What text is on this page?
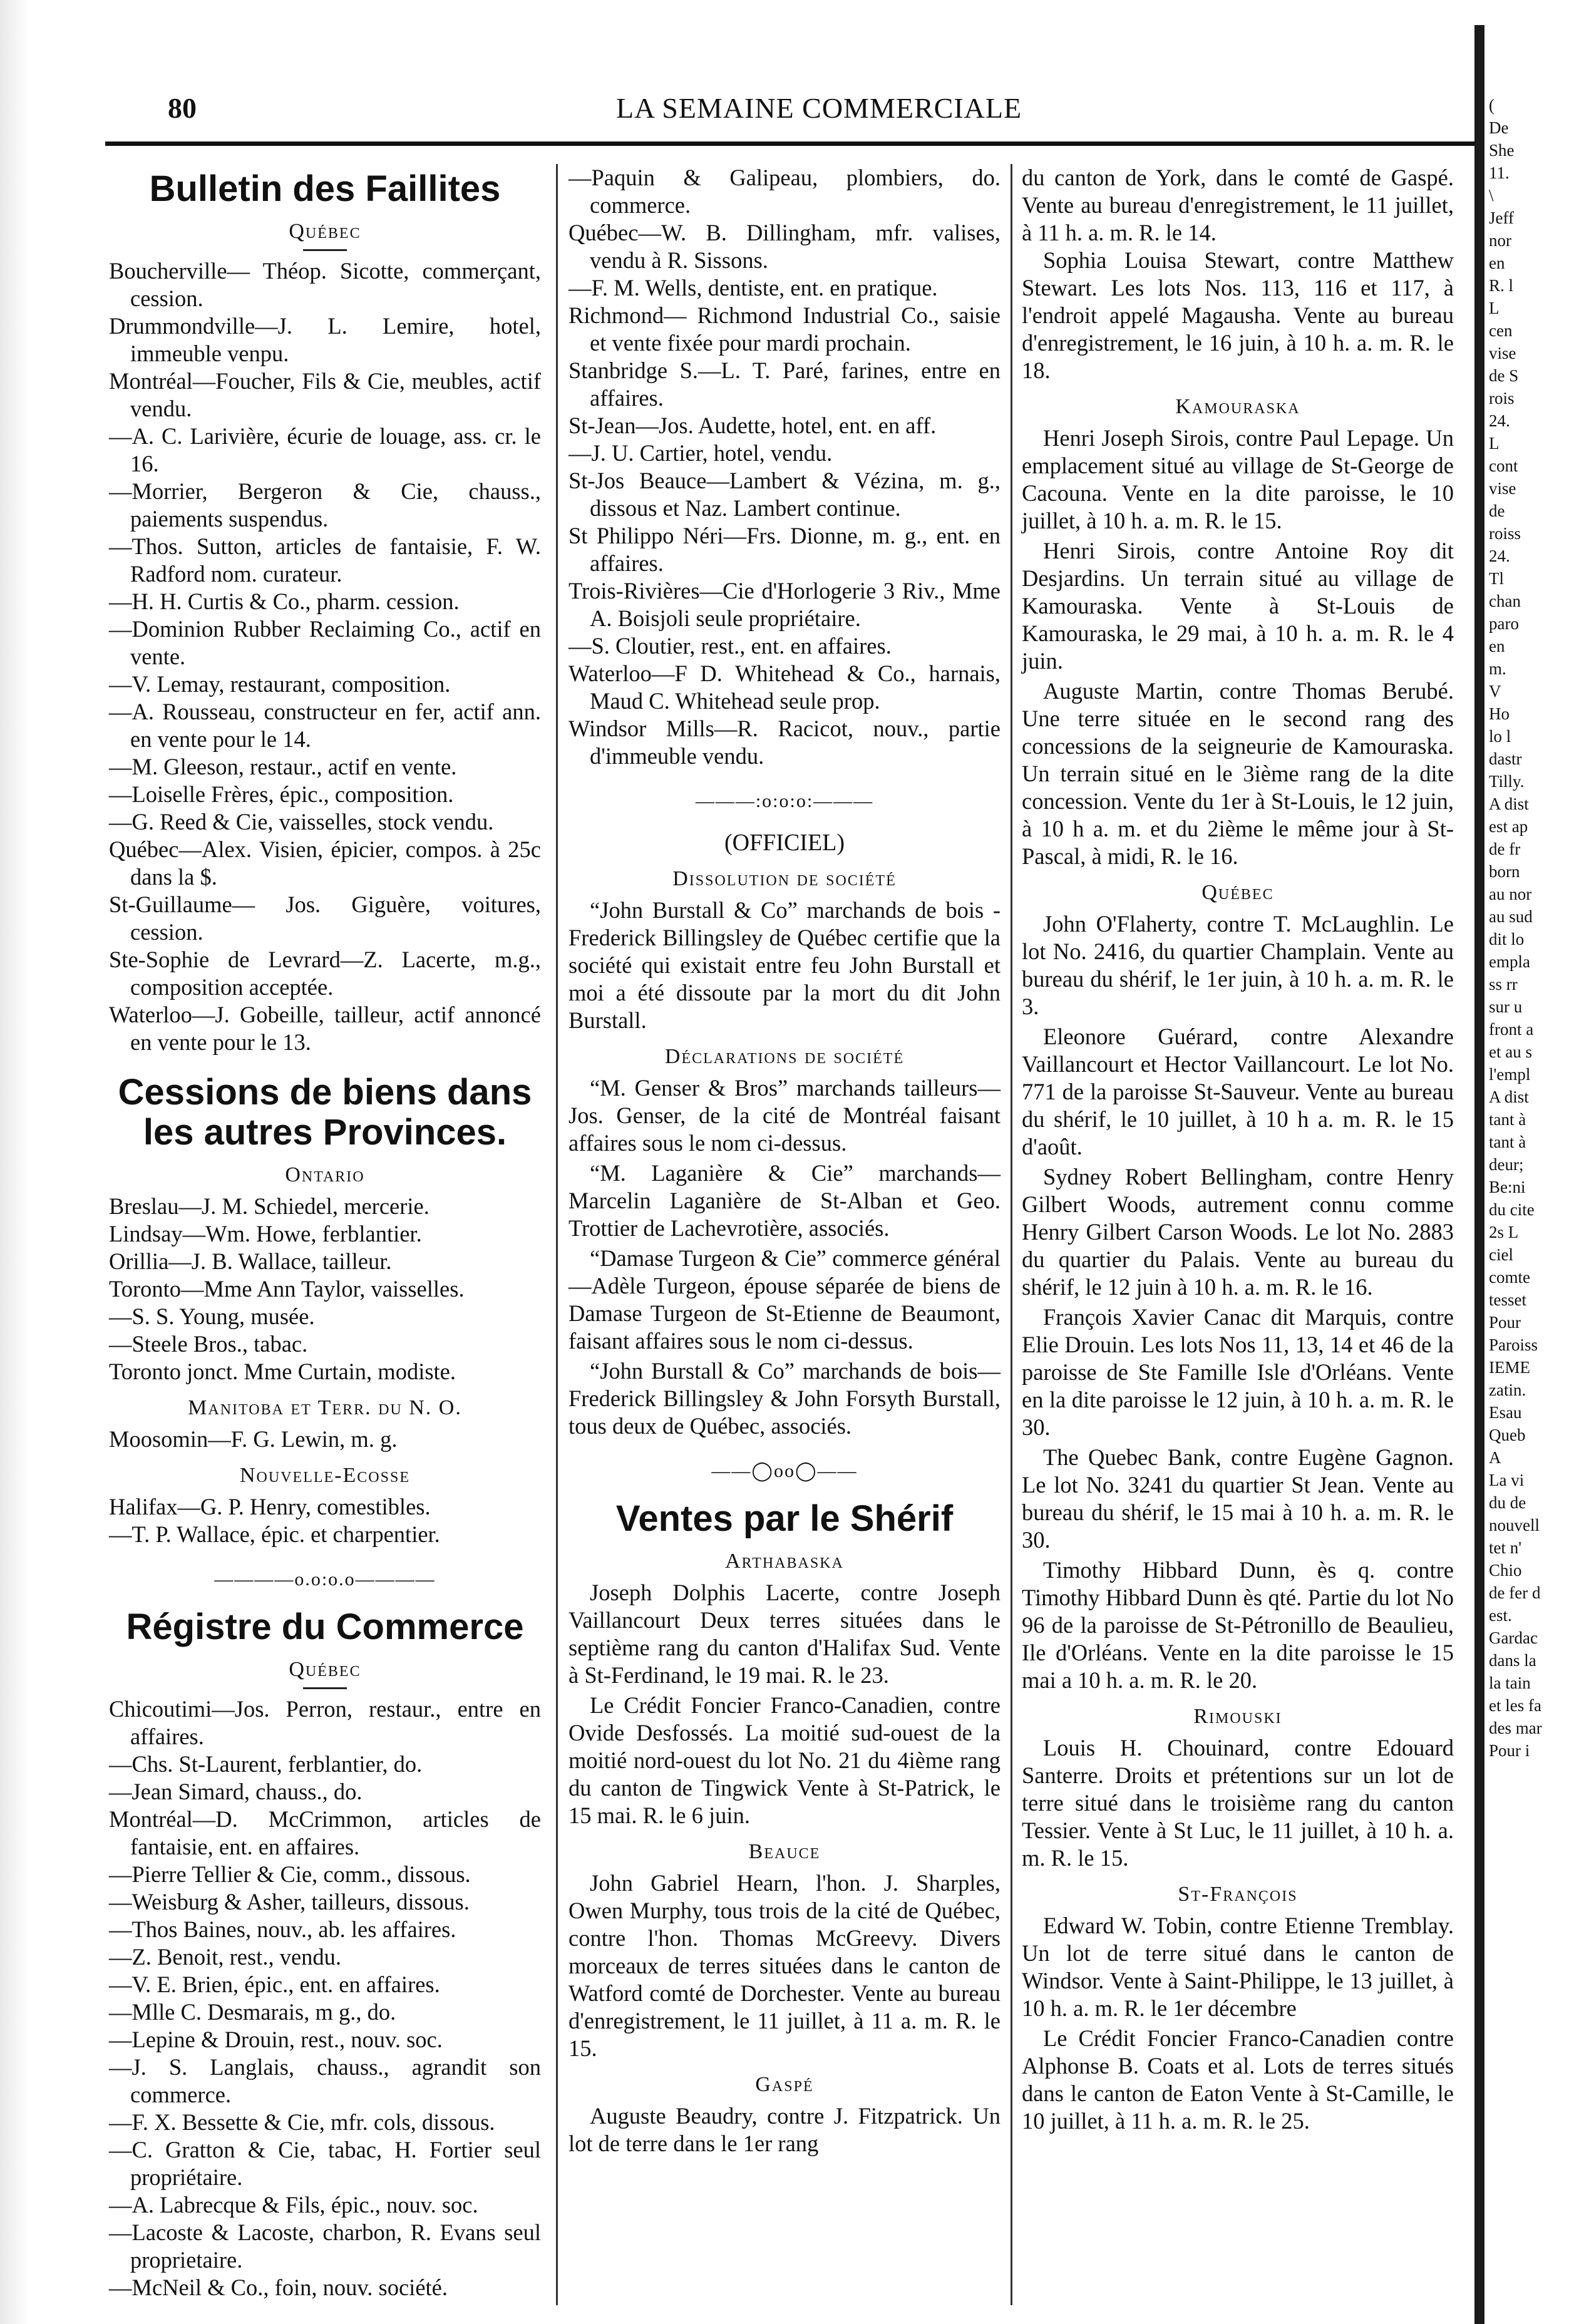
80	LA SEMAINE COMMERCIALE
Bulletin des Faillites
Québec
Boucherville— Théop. Sicotte, commerçant, cession.
Drummondville—J. L. Lemire, hotel, immeuble venpu.
Montréal—Foucher, Fils & Cie, meubles, actif vendu.
—A. C. Larivière, écurie de louage, ass. cr. le 16.
—Morrier, Bergeron & Cie, chauss., paiements suspendus.
—Thos. Sutton, articles de fantaisie, F. W. Radford nom. curateur.
—H. H. Curtis & Co., pharm. cession.
—Dominion Rubber Reclaiming Co., actif en vente.
—V. Lemay, restaurant, composition.
—A. Rousseau, constructeur en fer, actif ann. en vente pour le 14.
—M. Gleeson, restaur., actif en vente.
—Loiselle Frères, épic., composition.
—G. Reed & Cie, vaisselles, stock vendu.
Québec—Alex. Visien, épicier, compos. à 25c dans la $.
St-Guillaume— Jos. Giguère, voitures, cession.
Ste-Sophie de Levrard—Z. Lacerte, m.g., composition acceptée.
Waterloo—J. Gobeille, tailleur, actif annoncé en vente pour le 13.
Cessions de biens dans les autres Provinces.
Ontario
Breslau—J. M. Schiedel, mercerie.
Lindsay—Wm. Howe, ferblantier.
Orillia—J. B. Wallace, tailleur.
Toronto—Mme Ann Taylor, vaisselles.
—S. S. Young, musée.
—Steele Bros., tabac.
Toronto jonct. Mme Curtain, modiste.
Manitoba et Terr. du N. O.
Moosomin—F. G. Lewin, m. g.
Nouvelle-Ecosse
Halifax—G. P. Henry, comestibles.
—T. P. Wallace, épic. et charpentier.
————o.o:o.o————
Régistre du Commerce
Québec
Chicoutimi—Jos. Perron, restaur., entre en affaires.
—Chs. St-Laurent, ferblantier, do.
—Jean Simard, chauss., do.
Montréal—D. McCrimmon, articles de fantaisie, ent. en affaires.
—Pierre Tellier & Cie, comm., dissous.
—Weisburg & Asher, tailleurs, dissous.
—Thos Baines, nouv., ab. les affaires.
—Z. Benoit, rest., vendu.
—V. E. Brien, épic., ent. en affaires.
—Mlle C. Desmarais, m g., do.
—Lepine & Drouin, rest., nouv. soc.
—J. S. Langlais, chauss., agrandit son commerce.
—F. X. Bessette & Cie, mfr. cols, dissous.
—C. Gratton & Cie, tabac, H. Fortier seul propriétaire.
—A. Labrecque & Fils, épic., nouv. soc.
—Lacoste & Lacoste, charbon, R. Evans seul proprietaire.
—McNeil & Co., foin, nouv. société.
—Paquin & Galipeau, plombiers, do. commerce.
Québec—W. B. Dillingham, mfr. valises, vendu à R. Sissons.
—F. M. Wells, dentiste, ent. en pratique.
Richmond— Richmond Industrial Co., saisie et vente fixée pour mardi prochain.
Stanbridge S.—L. T. Paré, farines, entre en affaires.
St-Jean—Jos. Audette, hotel, ent. en aff.
—J. U. Cartier, hotel, vendu.
St-Jos Beauce—Lambert & Vézina, m. g., dissous et Naz. Lambert continue.
St Philippo Néri—Frs. Dionne, m. g., ent. en affaires.
Trois-Rivières—Cie d'Horlogerie 3 Riv., Mme A. Boisjoli seule propriétaire.
—S. Cloutier, rest., ent. en affaires.
Waterloo—F D. Whitehead & Co., harnais, Maud C. Whitehead seule prop.
Windsor Mills—R. Racicot, nouv., partie d'immeuble vendu.
———:o:o:o:———
(OFFICIEL)
Dissolution de société

“John Burstall & Co” marchands de bois - Frederick Billingsley de Québec certifie que la société qui existait entre feu John Burstall et moi a été dissoute par la mort du dit John Burstall.

Déclarations de société
“M. Genser & Bros” marchands tailleurs—Jos. Genser, de la cité de Montréal faisant affaires sous le nom ci-dessus.
“M. Laganière & Cie” marchands—Marcelin Laganière de St-Alban et Geo. Trottier de Lachevrotière, associés.
“Damase Turgeon & Cie” commerce général—Adèle Turgeon, épouse séparée de biens de Damase Turgeon de St-Etienne de Beaumont, faisant affaires sous le nom ci-dessus.
“John Burstall & Co” marchands de bois—Frederick Billingsley & John Forsyth Burstall, tous deux de Québec, associés.
——◯oo◯——
Ventes par le Shérif
Arthabaska
Joseph Dolphis Lacerte, contre Joseph Vaillancourt Deux terres situées dans le septième rang du canton d'Halifax Sud. Vente à St-Ferdinand, le 19 mai. R. le 23.
Le Crédit Foncier Franco-Canadien, contre Ovide Desfossés. La moitié sud-ouest de la moitié nord-ouest du lot No. 21 du 4ième rang du canton de Tingwick Vente à St-Patrick, le 15 mai. R. le 6 juin.
Beauce
John Gabriel Hearn, l'hon. J. Sharples, Owen Murphy, tous trois de la cité de Québec, contre l'hon. Thomas McGreevy. Divers morceaux de terres situées dans le canton de Watford comté de Dorchester. Vente au bureau d'enregistrement, le 11 juillet, à 11 a. m. R. le 15.
Gaspé
Auguste Beaudry, contre J. Fitzpatrick. Un lot de terre dans le 1er rang

du canton de York, dans le comté de Gaspé. Vente au bureau d'enregistrement, le 11 juillet, à 11 h. a. m. R. le 14.

Sophia Louisa Stewart, contre Matthew Stewart. Les lots Nos. 113, 116 et 117, à l'endroit appelé Magausha. Vente au bureau d'enregistrement, le 16 juin, à 10 h. a. m. R. le 18.
Kamouraska
Henri Joseph Sirois, contre Paul Lepage. Un emplacement situé au village de St-George de Cacouna. Vente en la dite paroisse, le 10 juillet, à 10 h. a. m. R. le 15.
Henri Sirois, contre Antoine Roy dit Desjardins. Un terrain situé au village de Kamouraska. Vente à St-Louis de Kamouraska, le 29 mai, à 10 h. a. m. R. le 4 juin.
Auguste Martin, contre Thomas Berubé. Une terre située en le second rang des concessions de la seigneurie de Kamouraska. Un terrain situé en le 3ième rang de la dite concession. Vente du 1er à St-Louis, le 12 juin, à 10 h a. m. et du 2ième le même jour à St-Pascal, à midi, R. le 16.
Québec
John O'Flaherty, contre T. McLaughlin. Le lot No. 2416, du quartier Champlain. Vente au bureau du shérif, le 1er juin, à 10 h. a. m. R. le 3.
Eleonore Guérard, contre Alexandre Vaillancourt et Hector Vaillancourt. Le lot No. 771 de la paroisse St-Sauveur. Vente au bureau du shérif, le 10 juillet, à 10 h a. m. R. le 15 d'août.
Sydney Robert Bellingham, contre Henry Gilbert Woods, autrement connu comme Henry Gilbert Carson Woods. Le lot No. 2883 du quartier du Palais. Vente au bureau du shérif, le 12 juin à 10 h. a. m. R. le 16.
François Xavier Canac dit Marquis, contre Elie Drouin. Les lots Nos 11, 13, 14 et 46 de la paroisse de Ste Famille Isle d'Orléans. Vente en la dite paroisse le 12 juin, à 10 h. a. m. R. le 30.
The Quebec Bank, contre Eugène Gagnon. Le lot No. 3241 du quartier St Jean. Vente au bureau du shérif, le 15 mai à 10 h. a. m. R. le 30.
Timothy Hibbard Dunn, ès q. contre Timothy Hibbard Dunn ès qté. Partie du lot No 96 de la paroisse de St-Pétronillo de Beaulieu, Ile d'Orléans. Vente en la dite paroisse le 15 mai a 10 h. a. m. R. le 20.
Rimouski
Louis H. Chouinard, contre Edouard Santerre. Droits et prétentions sur un lot de terre situé dans le troisième rang du canton Tessier. Vente à St Luc, le 11 juillet, à 10 h. a. m. R. le 15.
St-François
Edward W. Tobin, contre Etienne Tremblay. Un lot de terre situé dans le canton de Windsor. Vente à Saint-Philippe, le 13 juillet, à 10 h. a. m. R. le 1er décembre
Le Crédit Foncier Franco-Canadien contre Alphonse B. Coats et al. Lots de terres situés dans le canton de Eaton Vente à St-Camille, le 10 juillet, à 11 h. a. m. R. le 25.
(
De
She
11.
\
Jeff
nor
en
R. l
L
cen
vise
de S
rois
24.
L
cont
vise
de
roiss
24.
Tl
chan
paro
en
m.
V
Ho
lo l
dastr
Tilly.
A dist
est ap
de fr
born
au nor
au sud
dit lo
empla
ss rr
sur u
front a
et au s
l'empl
A dist
tant à
tant à
deur;
Be:ni
du cite
2s L
ciel
comte
tesset
Pour
Paroiss
IEME
zatin.
Esau
Queb
A
La vi
du de
nouvell
tet n'
Chio
de fer d
est.
Gardac
dans la
la tain
et les fa
des mar
Pour i
